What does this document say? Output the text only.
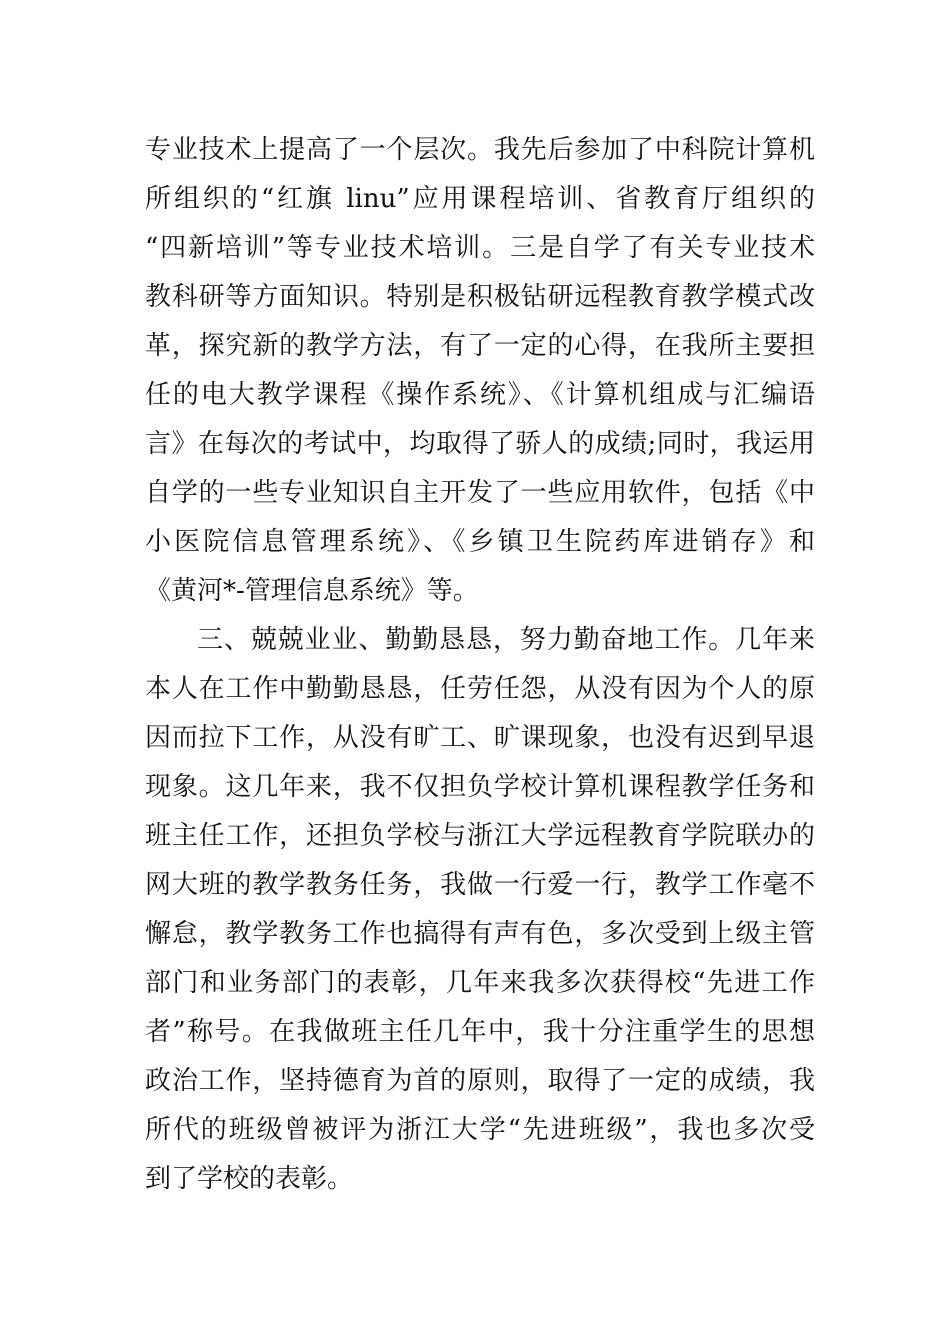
专业技术上提高了一个层次。我先后参加了中科院计算机
所组织的“红旗 linu”应用课程培训、省教育厅组织的
“四新培训”等专业技术培训。三是自学了有关专业技术
教科研等方面知识。特别是积极钻研远程教育教学模式改
革，探究新的教学方法，有了一定的心得，在我所主要担
任的电大教学课程《操作系统》、《计算机组成与汇编语
言》在每次的考试中，均取得了骄人的成绩;同时，我运用
自学的一些专业知识自主开发了一些应用软件，包括《中
小医院信息管理系统》、《乡镇卫生院药库进销存》和
《黄河*-管理信息系统》等。
三、兢兢业业、勤勤恳恳，努力勤奋地工作。几年来
本人在工作中勤勤恳恳，任劳任怨，从没有因为个人的原
因而拉下工作，从没有旷工、旷课现象，也没有迟到早退
现象。这几年来，我不仅担负学校计算机课程教学任务和
班主任工作，还担负学校与浙江大学远程教育学院联办的
网大班的教学教务任务，我做一行爱一行，教学工作毫不
懈怠，教学教务工作也搞得有声有色，多次受到上级主管
部门和业务部门的表彰，几年来我多次获得校“先进工作
者”称号。在我做班主任几年中，我十分注重学生的思想
政治工作，坚持德育为首的原则，取得了一定的成绩，我
所代的班级曾被评为浙江大学“先进班级”，我也多次受
到了学校的表彰。
